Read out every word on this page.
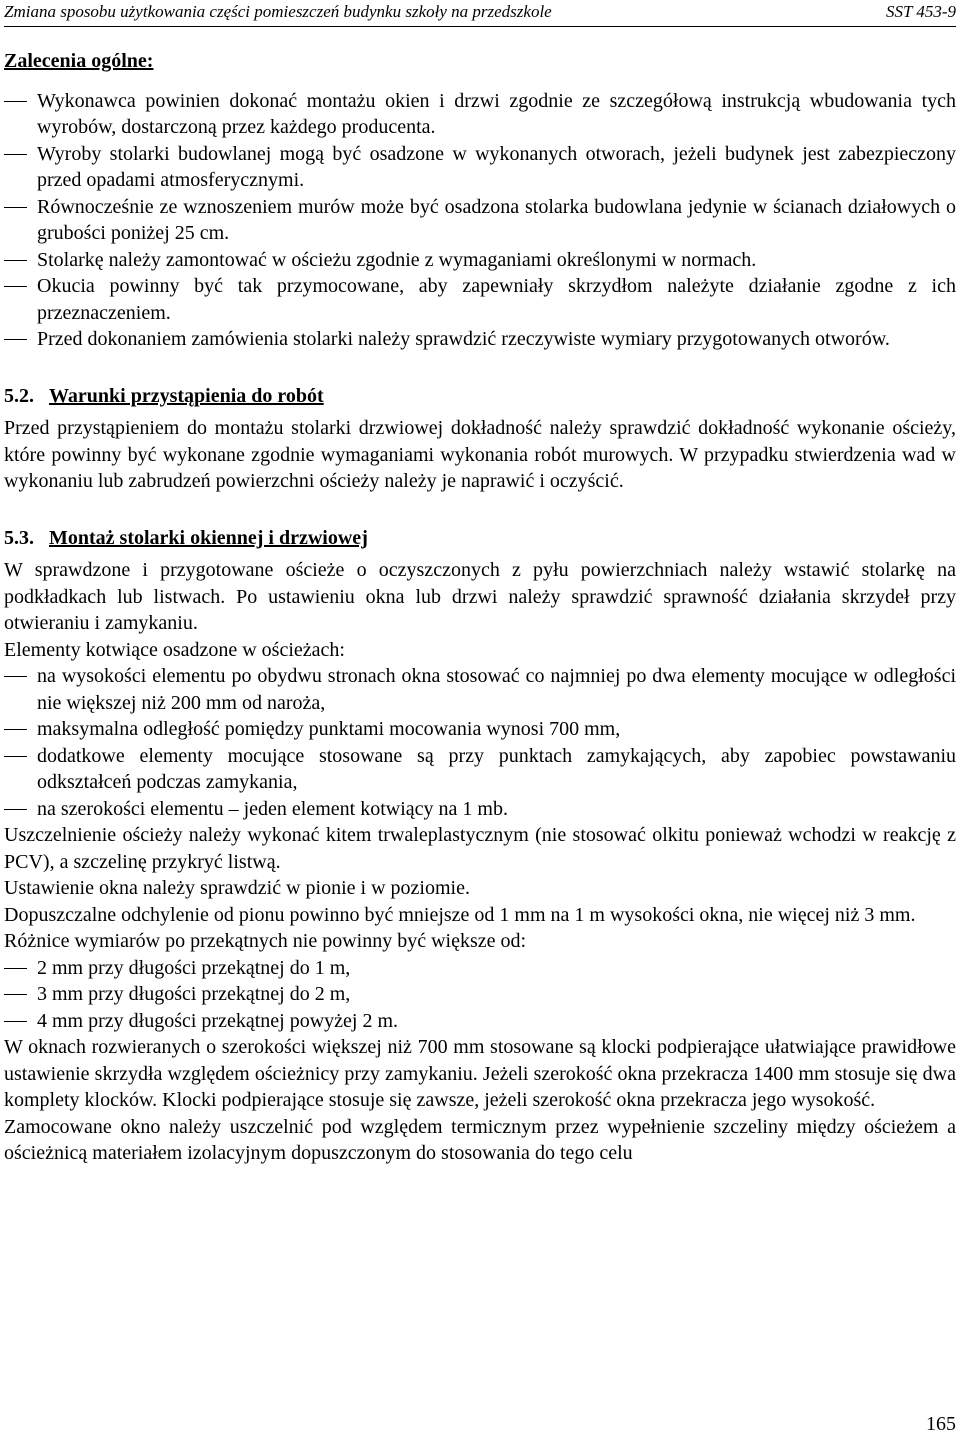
Zmiana sposobu użytkowania części pomieszczeń budynku szkoły na przedszkole	SST 453-9
Zalecenia ogólne:
Wykonawca powinien dokonać montażu okien i drzwi zgodnie ze szczegółową instrukcją wbudowania tych wyrobów, dostarczoną przez każdego producenta.
Wyroby stolarki budowlanej mogą być osadzone w wykonanych otworach, jeżeli budynek jest zabezpieczony przed opadami atmosferycznymi.
Równocześnie ze wznoszeniem murów może być osadzona stolarka budowlana jedynie w ścianach działowych o grubości poniżej 25 cm.
Stolarkę należy zamontować w ościeżu zgodnie z wymaganiami określonymi w normach.
Okucia powinny być tak przymocowane, aby zapewniały skrzydłom należyte działanie zgodne z ich przeznaczeniem.
Przed dokonaniem zamówienia stolarki należy sprawdzić rzeczywiste wymiary przygotowanych otworów.
5.2. Warunki przystąpienia do robót

Przed przystąpieniem do montażu stolarki drzwiowej dokładność należy sprawdzić dokładność wykonanie ościeży, które powinny być wykonane zgodnie wymaganiami wykonania robót murowych. W przypadku stwierdzenia wad w wykonaniu lub zabrudzeń powierzchni ościeży należy je naprawić i oczyścić.

5.3. Montaż stolarki okiennej i drzwiowej

W sprawdzone i przygotowane ościeże o oczyszczonych z pyłu powierzchniach należy wstawić stolarkę na podkładkach lub listwach. Po ustawieniu okna lub drzwi należy sprawdzić sprawność działania skrzydeł przy otwieraniu i zamykaniu.

Elementy kotwiące osadzone w ościeżach:

na wysokości elementu po obydwu stronach okna stosować co najmniej po dwa elementy mocujące w odległości nie większej niż 200 mm od naroża,
maksymalna odległość pomiędzy punktami mocowania wynosi 700 mm,
dodatkowe elementy mocujące stosowane są przy punktach zamykających, aby zapobiec powstawaniu odkształceń podczas zamykania,
na szerokości elementu – jeden element kotwiący na 1 mb.

Uszczelnienie ościeży należy wykonać kitem trwaleplastycznym (nie stosować olkitu ponieważ wchodzi w reakcję z PCV), a szczelinę przykryć listwą.

Ustawienie okna należy sprawdzić w pionie i w poziomie.

Dopuszczalne odchylenie od pionu powinno być mniejsze od 1 mm na 1 m wysokości okna, nie więcej niż 3 mm.

Różnice wymiarów po przekątnych nie powinny być większe od:

2 mm przy długości przekątnej do 1 m,
3 mm przy długości przekątnej do 2 m,
4 mm przy długości przekątnej powyżej 2 m.

W oknach rozwieranych o szerokości większej niż 700 mm stosowane są klocki podpierające ułatwiające prawidłowe ustawienie skrzydła względem ościeżnicy przy zamykaniu. Jeżeli szerokość okna przekracza 1400 mm stosuje się dwa komplety klocków. Klocki podpierające stosuje się zawsze, jeżeli szerokość okna przekracza jego wysokość.

Zamocowane okno należy uszczelnić pod względem termicznym przez wypełnienie szczeliny między ościeżem a ościeżnicą materiałem izolacyjnym dopuszczonym do stosowania do tego celu

165
